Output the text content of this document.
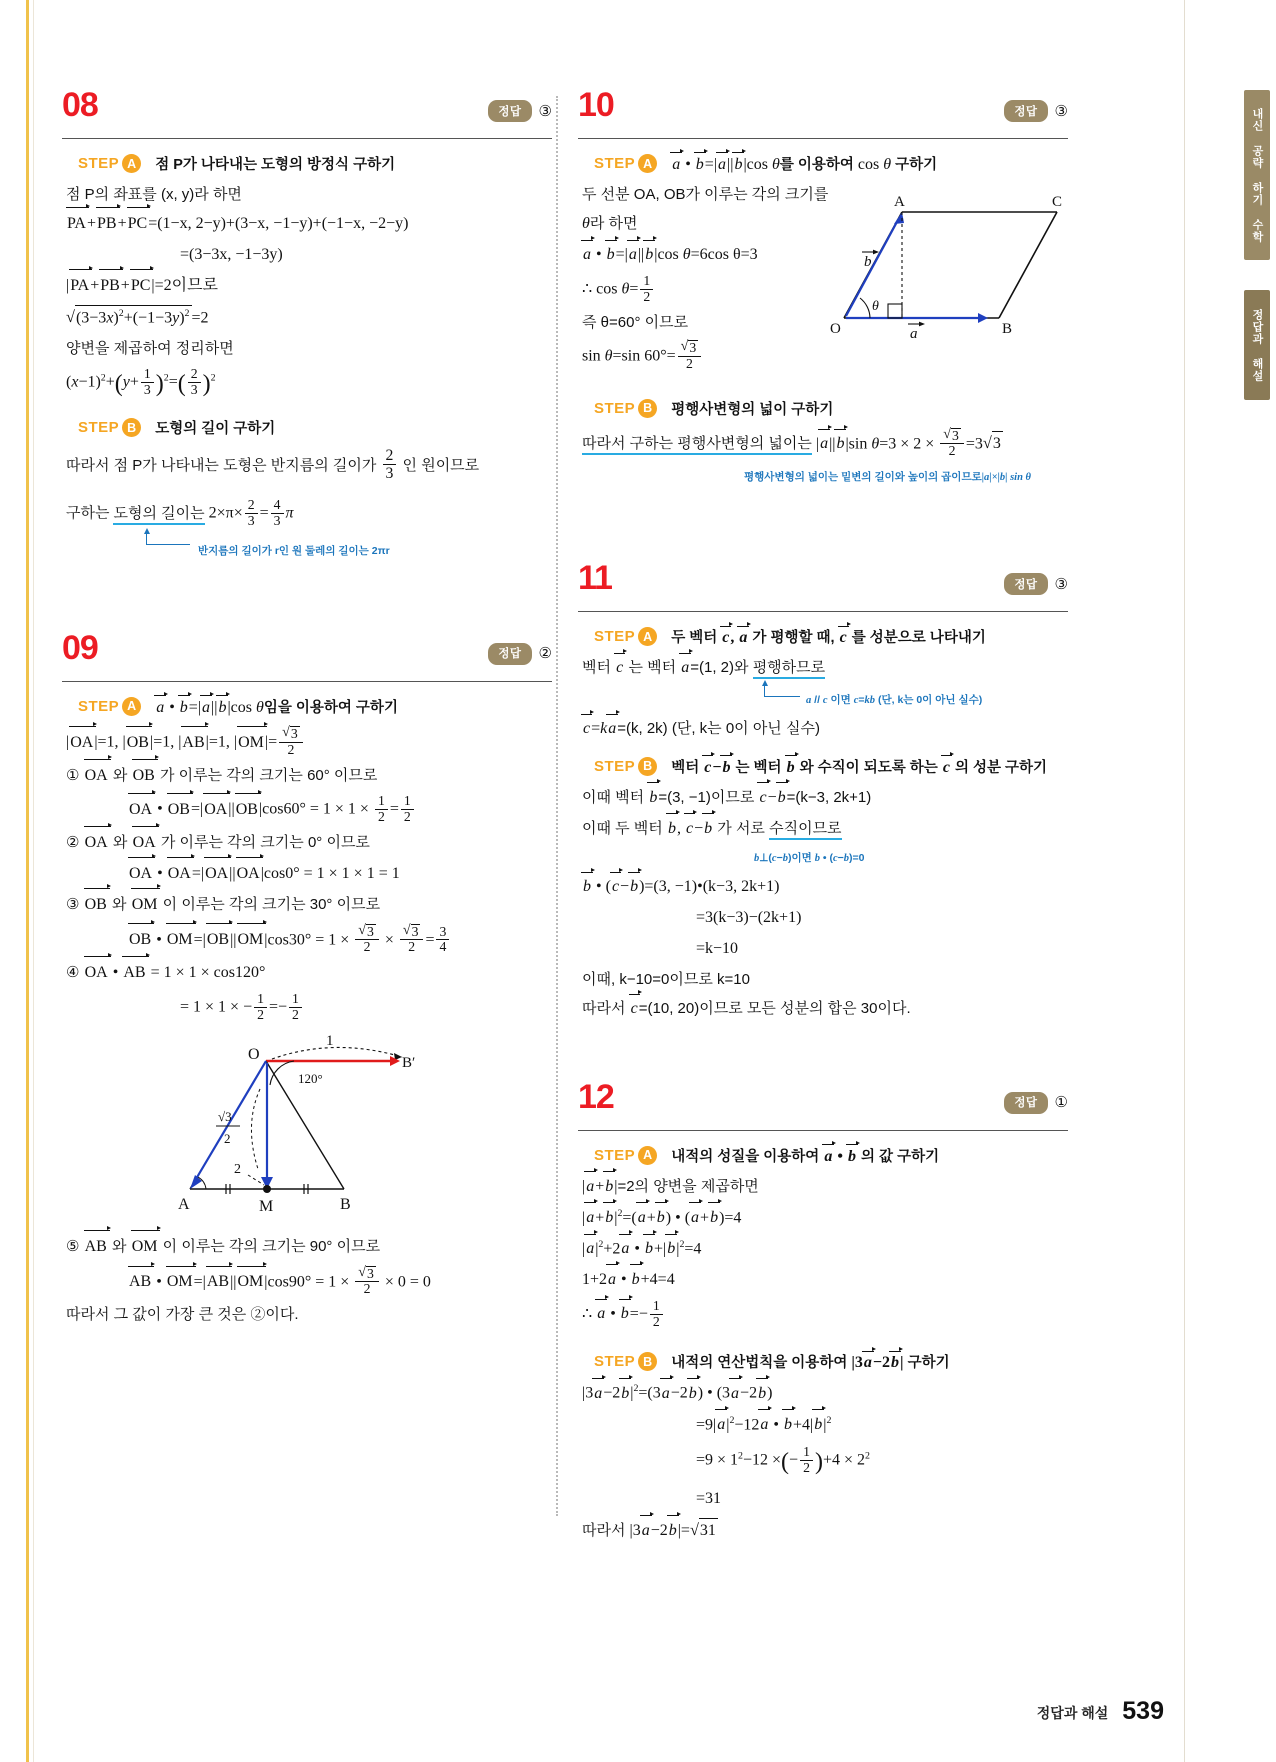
내신 공략 하기 수학
정답과 해설
08	정답	③
STEP A	점 P가 나타내는 도형의 방정식 구하기
점 P의 좌표를 (x, y)라 하면
PA+PB+PC=(1−x, 2−y)+(3−x, −1−y)+(−1−x, −2−y)
=(3−3x, −1−3y)
|PA+PB+PC|=2이므로
√ $(3-3x)^2+(-1-3y)^2 =2$
양변을 제곱하여 정리하면
$(x-1)^2+(y+ \frac{1}{3} )^2=( \frac{2}{3} )^2$
STEP B	도형의 길이 구하기
따라서 점 P가 나타내는 도형은 반지름의 길이가 $\frac{2}{3}$ 인 원이므로
구하는 도형의 길이는 $2\times\pi\times \frac{2}{3} = \frac{4}{3}$ π
반지름의 길이가 r인 원 둘레의 길이는 2πr
09	정답	②
STEP A	a • b=|a||b|cos θ임을 이용하여 구하기
|OA|=1, |OB|=1, |AB|=1, |OM|= √ $\frac{3}{2}$
① OA 와 OB 가 이루는 각의 크기는 60° 이므로
OA • $OB=|OA||OB|\cos 60^\circ = 1 \times 1 \times \frac{1}{2} = \frac{1}{2}$
② OA 와 OA 가 이루는 각의 크기는 0° 이므로
OA • OA=|OA||OA|cos0° = 1 × 1 × 1 = 1
③ OB 와 OM 이 이루는 각의 크기는 30° 이므로
OB • OM=|OB||OM|cos30° = 1 × √ $\frac{3}{2}$ × √ $\frac{3}{2} = \frac{3}{4}$
④ OA • AB = 1 × 1 × cos120°
= 1 × 1 × − $\frac{1}{2} =- \frac{1}{2}$
1
B′
O
120°
√3
2
2
A	M	B
⑤ AB 와 OM 이 이루는 각의 크기는 90° 이므로
AB • OM=|AB||OM|cos90° = 1 × √ $\frac{3}{2} \times 0 = 0$
따라서 그 값이 가장 큰 것은 ②이다.
10	정답	③
STEP A	a • b=|a||b|cos θ를 이용하여 cos θ 구하기
b
a
θ
A	C
O	B
두 선분 OA, OB가 이루는 각의 크기를
θ라 하면
a • b=|a||b|cos θ=6cos θ=3
∴ $\cos \theta= \frac{1}{2}$
즉 θ=60° 이므로
sin θ=sin 60°= √ $\frac{3}{2}$
STEP B	평행사변형의 넓이 구하기
따라서 구하는 평행사변형의 넓이는 |a||b|sin θ=3 × 2 × √ $\frac{3}{2} =3$ √ 3
평행사변형의 넓이는 밑변의 길이와 높이의 곱이므로|a|×|b| sin θ
11	정답	③
STEP A	두 벡터 c, a 가 평행할 때, c 를 성분으로 나타내기
벡터 c 는 벡터 a=(1, 2)와 평행하므로
a // c 이면 c=kb (단, k는 0이 아닌 실수)
c=ka=(k, 2k) (단, k는 0이 아닌 실수)
STEP B	벡터 c−b 는 벡터 b 와 수직이 되도록 하는 c 의 성분 구하기
이때 벡터 b=(3, −1)이므로 c−b=(k−3, 2k+1)
이때 두 벡터 b, c−b 가 서로 수직이므로
b⊥(c−b)이면 b • (c−b)=0
b • (c−b)=(3, −1)•(k−3, 2k+1)
=3(k−3)−(2k+1)
=k−10
이때, k−10=0이므로 k=10
따라서 c=(10, 20)이므로 모든 성분의 합은 30이다.
12	정답	①
STEP A	내적의 성질을 이용하여 a • b 의 값 구하기
|a+b|=2의 양변을 제곱하면
$|a+b|^2=(a+b)$ • (a+b)=4
$|a|^2+2a$ • $b+|b|^2=4$
1+2a • b+4=4
∴ a • $b=- \frac{1}{2}$
STEP B	내적의 연산법칙을 이용하여 |3a−2b| 구하기
$|3a-2b|^2=(3a-2b)$ • (3a−2b)
$=9|a|^2-12a$ • $b+4|b|^2$
$=9 \times 1^2-12$ ×(− $\frac{1}{2} )+4 \times 2^2$
=31
따라서 |3a−2b|= √ 31
정답과 해설 539
